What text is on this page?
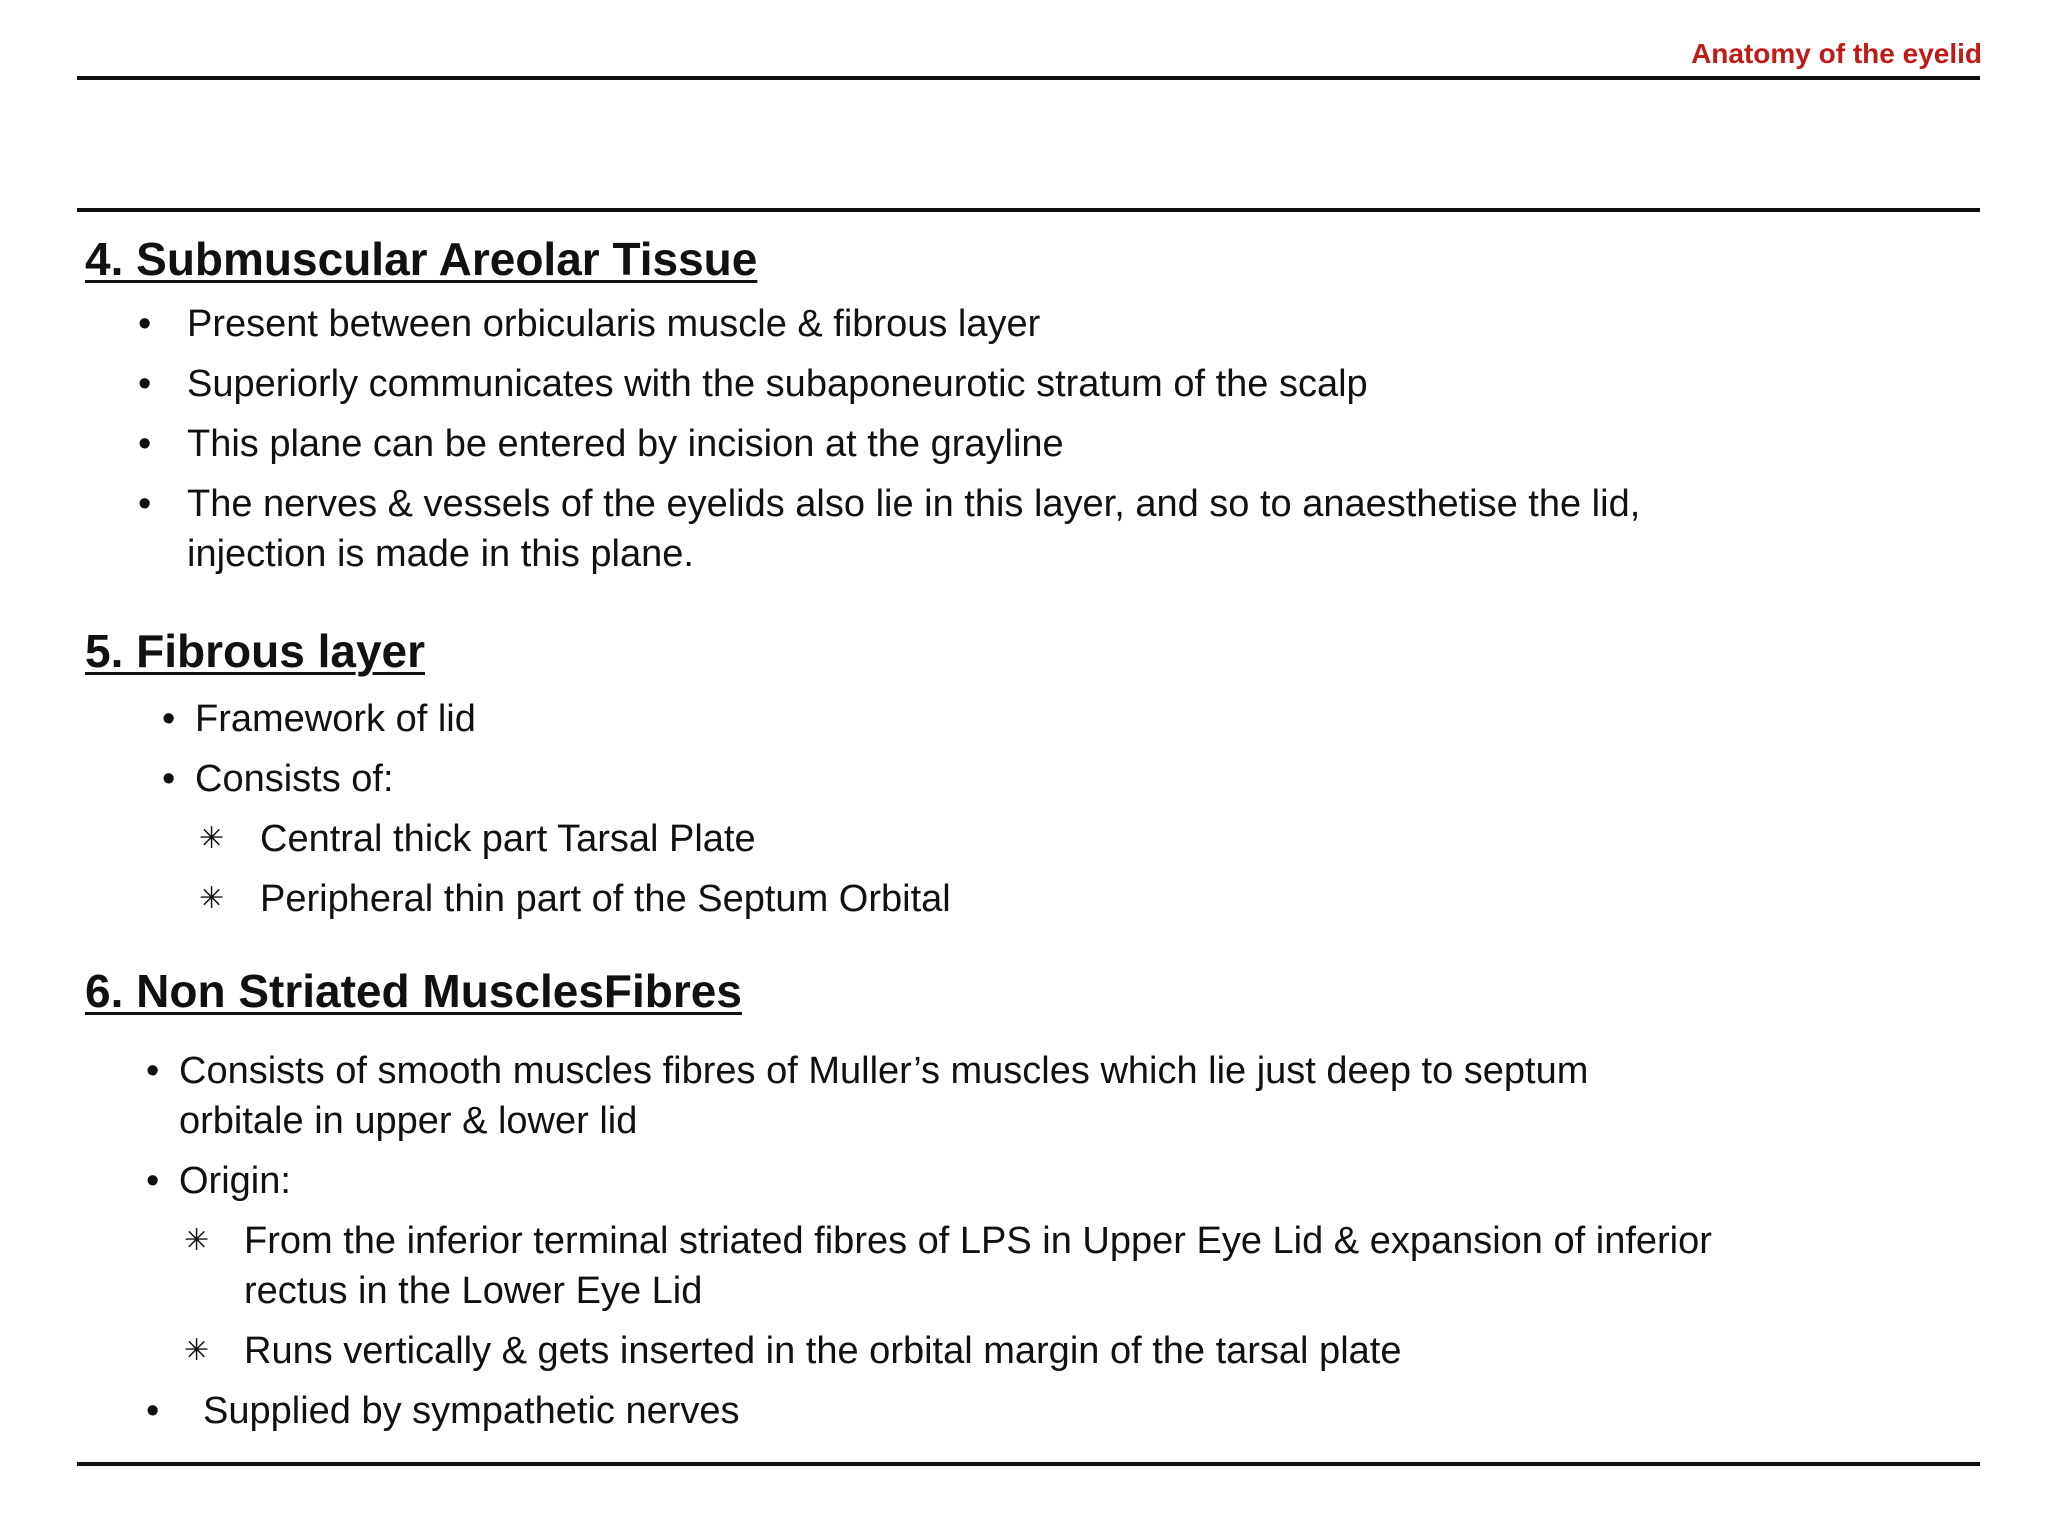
Anatomy of the eyelid
4. Submuscular Areolar Tissue
• Present between orbicularis muscle & fibrous layer
• Superiorly communicates with the subaponeurotic stratum of the scalp
• This plane can be entered by incision at the grayline
• The nerves & vessels of the eyelids also lie in this layer, and so to anaesthetise the lid,
injection is made in this plane.
5. Fibrous layer
• Framework of lid
• Consists of:
✳ Central thick part Tarsal Plate
✳ Peripheral thin part of the Septum Orbital
6. Non Striated MusclesFibres
• Consists of smooth muscles fibres of Muller’s muscles which lie just deep to septum
orbitale in upper & lower lid
• Origin:
✳ From the inferior terminal striated fibres of LPS in Upper Eye Lid & expansion of inferior
rectus in the Lower Eye Lid
✳ Runs vertically & gets inserted in the orbital margin of the tarsal plate
• Supplied by sympathetic nerves
